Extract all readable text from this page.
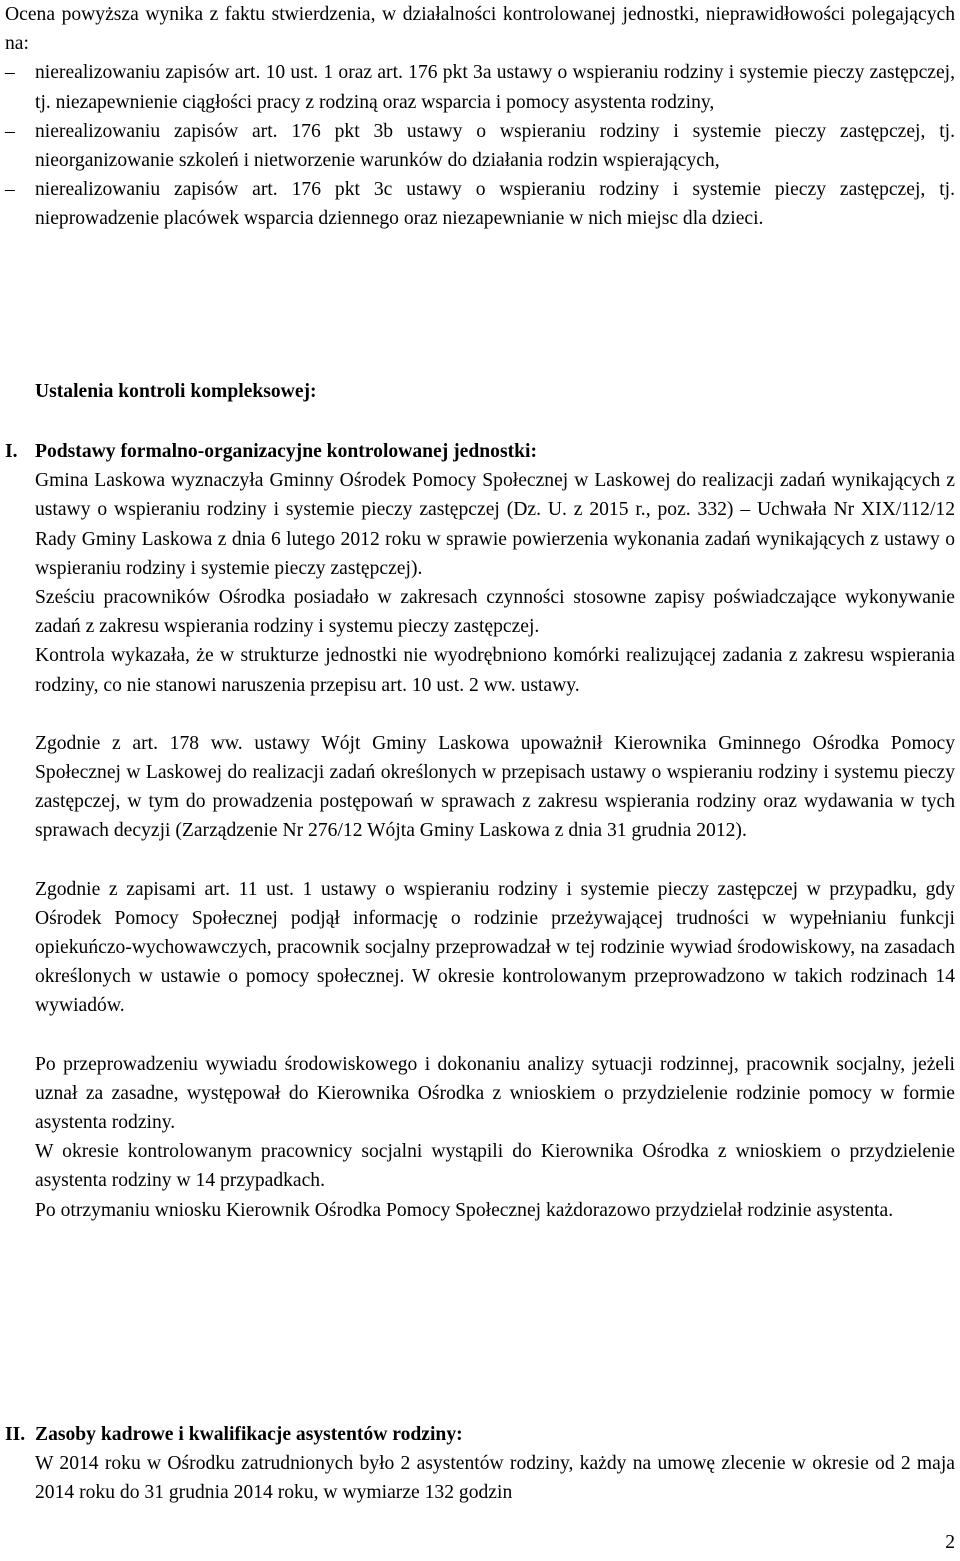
Ocena powyższa wynika z faktu stwierdzenia, w działalności kontrolowanej jednostki, nieprawidłowości polegających na:

– nierealizowaniu zapisów art. 10 ust. 1 oraz art. 176 pkt 3a ustawy o wspieraniu rodziny i systemie pieczy zastępczej, tj. niezapewnienie ciągłości pracy z rodziną oraz wsparcia i pomocy asystenta rodziny,

– nierealizowaniu zapisów art. 176 pkt 3b ustawy o wspieraniu rodziny i systemie pieczy zastępczej, tj. nieorganizowanie szkoleń i nietworzenie warunków do działania rodzin wspierających,

– nierealizowaniu zapisów art. 176 pkt 3c ustawy o wspieraniu rodziny i systemie pieczy zastępczej, tj. nieprowadzenie placówek wsparcia dziennego oraz niezapewnianie w nich miejsc dla dzieci.

Ustalenia kontroli kompleksowej:

I. Podstawy formalno-organizacyjne kontrolowanej jednostki:

Gmina Laskowa wyznaczyła Gminny Ośrodek Pomocy Społecznej w Laskowej do realizacji zadań wynikających z ustawy o wspieraniu rodziny i systemie pieczy zastępczej (Dz. U. z 2015 r., poz. 332) – Uchwała Nr XIX/112/12 Rady Gminy Laskowa z dnia 6 lutego 2012 roku w sprawie powierzenia wykonania zadań wynikających z ustawy o wspieraniu rodziny i systemie pieczy zastępczej).

Sześciu pracowników Ośrodka posiadało w zakresach czynności stosowne zapisy poświadczające wykonywanie zadań z zakresu wspierania rodziny i systemu pieczy zastępczej.

Kontrola wykazała, że w strukturze jednostki nie wyodrębniono komórki realizującej zadania z zakresu wspierania rodziny, co nie stanowi naruszenia przepisu art. 10 ust. 2 ww. ustawy.

Zgodnie z art. 178 ww. ustawy Wójt Gminy Laskowa upoważnił Kierownika Gminnego Ośrodka Pomocy Społecznej w Laskowej do realizacji zadań określonych w przepisach ustawy o wspieraniu rodziny i systemu pieczy zastępczej, w tym do prowadzenia postępowań w sprawach z zakresu wspierania rodziny oraz wydawania w tych sprawach decyzji (Zarządzenie Nr 276/12 Wójta Gminy Laskowa z dnia 31 grudnia 2012).

Zgodnie z zapisami art. 11 ust. 1 ustawy o wspieraniu rodziny i systemie pieczy zastępczej w przypadku, gdy Ośrodek Pomocy Społecznej podjął informację o rodzinie przeżywającej trudności w wypełnianiu funkcji opiekuńczo-wychowawczych, pracownik socjalny przeprowadzał w tej rodzinie wywiad środowiskowy, na zasadach określonych w ustawie o pomocy społecznej. W okresie kontrolowanym przeprowadzono w takich rodzinach 14 wywiadów.

Po przeprowadzeniu wywiadu środowiskowego i dokonaniu analizy sytuacji rodzinnej, pracownik socjalny, jeżeli uznał za zasadne, występował do Kierownika Ośrodka z wnioskiem o przydzielenie rodzinie pomocy w formie asystenta rodziny.

W okresie kontrolowanym pracownicy socjalni wystąpili do Kierownika Ośrodka z wnioskiem o przydzielenie asystenta rodziny w 14 przypadkach.

Po otrzymaniu wniosku Kierownik Ośrodka Pomocy Społecznej każdorazowo przydzielał rodzinie asystenta.

II. Zasoby kadrowe i kwalifikacje asystentów rodziny:

W 2014 roku w Ośrodku zatrudnionych było 2 asystentów rodziny, każdy na umowę zlecenie w okresie od 2 maja 2014 roku do 31 grudnia 2014 roku, w wymiarze 132 godzin

2
